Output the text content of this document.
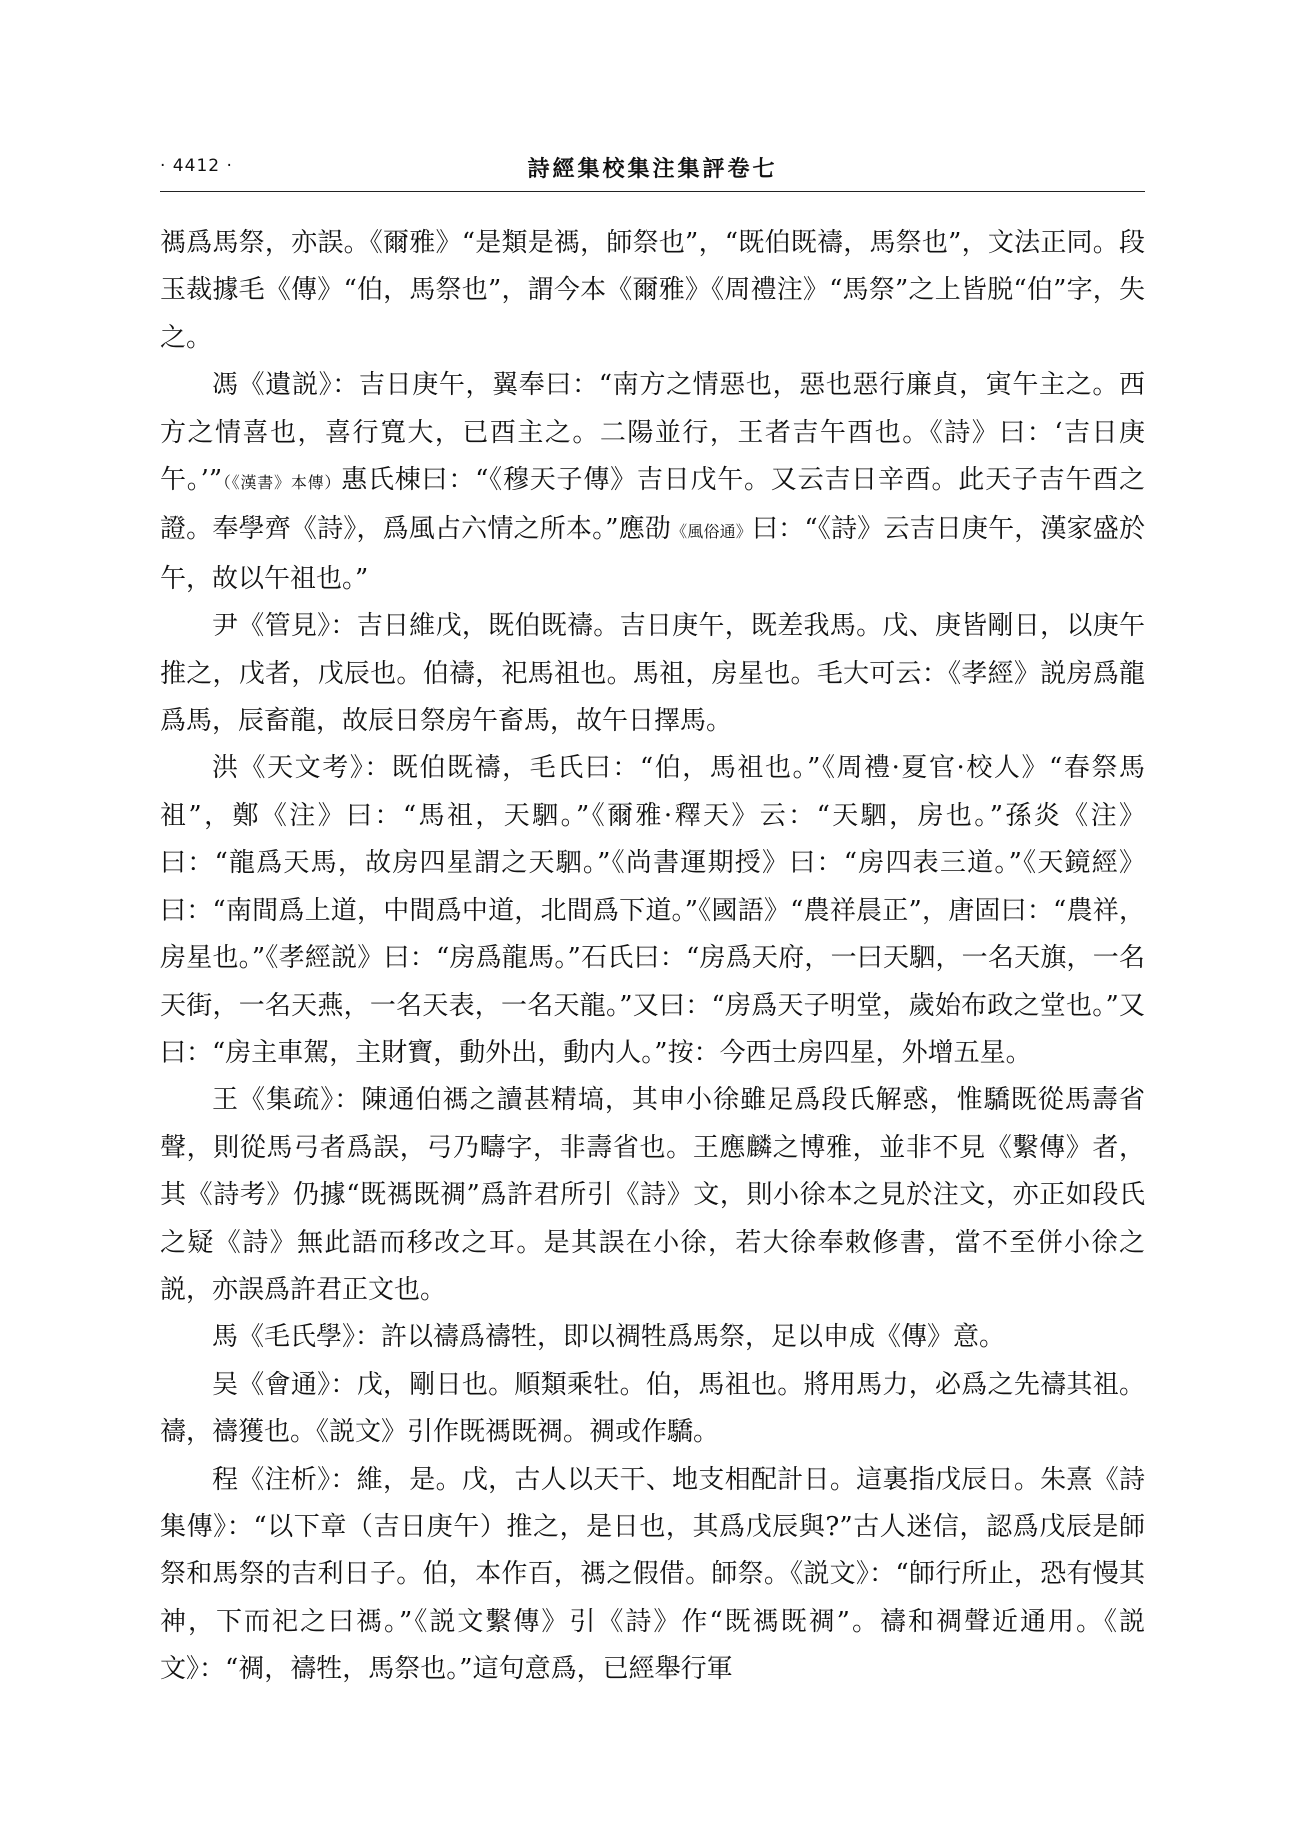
· 4412 ·	詩經集校集注集評卷七

禡爲馬祭，亦誤。《爾雅》“是類是禡，師祭也”，“既伯既禱，馬祭也”，文法正同。段玉裁據毛《傳》“伯，馬祭也”，謂今本《爾雅》《周禮注》“馬祭”之上皆脱“伯”字，失之。

馮《遺説》：吉日庚午，翼奉曰：“南方之情惡也，惡也惡行廉貞，寅午主之。西方之情喜也，喜行寬大，已酉主之。二陽並行，王者吉午酉也。《詩》曰：‘吉日庚午。’”（《漢書》本傳）惠氏棟曰：“《穆天子傳》吉日戊午。又云吉日辛酉。此天子吉午酉之證。奉學齊《詩》，爲風占六情之所本。”應劭《風俗通》曰：“《詩》云吉日庚午，漢家盛於午，故以午祖也。”

尹《管見》：吉日維戊，既伯既禱。吉日庚午，既差我馬。戊、庚皆剛日，以庚午推之，戊者，戊辰也。伯禱，祀馬祖也。馬祖，房星也。毛大可云：《孝經》説房爲龍爲馬，辰畜龍，故辰日祭房午畜馬，故午日擇馬。

洪《天文考》：既伯既禱，毛氏曰：“伯，馬祖也。”《周禮·夏官·校人》“春祭馬祖”，鄭《注》曰：“馬祖，天駟。”《爾雅·釋天》云：“天駟，房也。”孫炎《注》曰：“龍爲天馬，故房四星謂之天駟。”《尚書運期授》曰：“房四表三道。”《天鏡經》曰：“南間爲上道，中間爲中道，北間爲下道。”《國語》“農祥晨正”，唐固曰：“農祥，房星也。”《孝經説》曰：“房爲龍馬。”石氏曰：“房爲天府，一曰天駟，一名天旗，一名天街，一名天燕，一名天表，一名天龍。”又曰：“房爲天子明堂，歲始布政之堂也。”又曰：“房主車駕，主財寶，動外出，動内人。”按：今西士房四星，外增五星。

王《集疏》：陳通伯禡之讀甚精塙，其申小徐雖足爲段氏解惑，惟驕既從馬壽省聲，則從馬弓者爲誤，弓乃疇字，非壽省也。王應麟之博雅，並非不見《繫傳》者，其《詩考》仍據“既禡既禂”爲許君所引《詩》文，則小徐本之見於注文，亦正如段氏之疑《詩》無此語而移改之耳。是其誤在小徐，若大徐奉敕修書，當不至併小徐之説，亦誤爲許君正文也。

馬《毛氏學》：許以禱爲禱牲，即以禂牲爲馬祭，足以申成《傳》意。

吴《會通》：戊，剛日也。順類乘牡。伯，馬祖也。將用馬力，必爲之先禱其祖。禱，禱獲也。《説文》引作既禡既禂。禂或作驕。

程《注析》：維，是。戊，古人以天干、地支相配計日。這裏指戊辰日。朱熹《詩集傳》：“以下章（吉日庚午）推之，是日也，其爲戊辰與?”古人迷信，認爲戊辰是師祭和馬祭的吉利日子。伯，本作百，禡之假借。師祭。《説文》：“師行所止，恐有慢其神，下而祀之曰禡。”《説文繫傳》引《詩》作“既禡既禂”。禱和禂聲近通用。《説文》：“禂，禱牲，馬祭也。”這句意爲，已經舉行軍
